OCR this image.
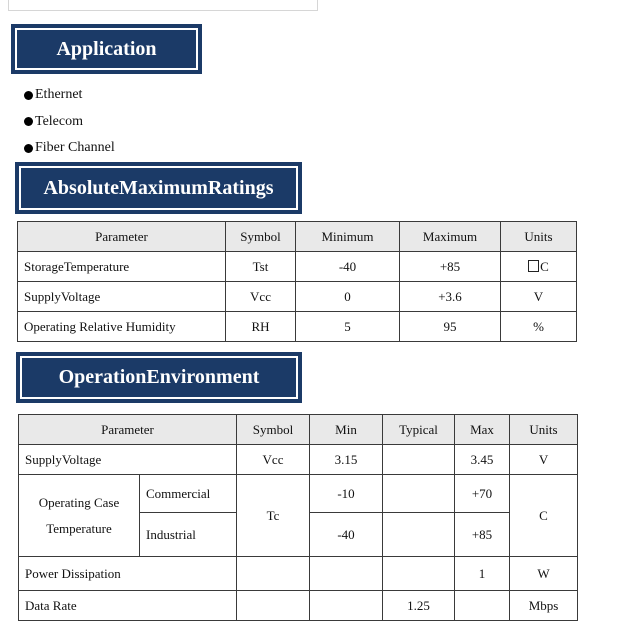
Application
Ethernet
Telecom
Fiber Channel
AbsoluteMaximumRatings
Parameter	Symbol	Minimum	Maximum	Units
StorageTemperature	Tst	-40	+85	C
SupplyVoltage	Vcc	0	+3.6	V
Operating Relative Humidity	RH	5	95	%
OperationEnvironment
Parameter		Symbol	Min	Typical	Max	Units
SupplyVoltage		Vcc	3.15		3.45	V

Operating Case
Temperature	Commercial	Tc	-10		+70	C
	Industrial		-40		+85	
Power Dissipation					1	W
Data Rate				1.25		Mbps
